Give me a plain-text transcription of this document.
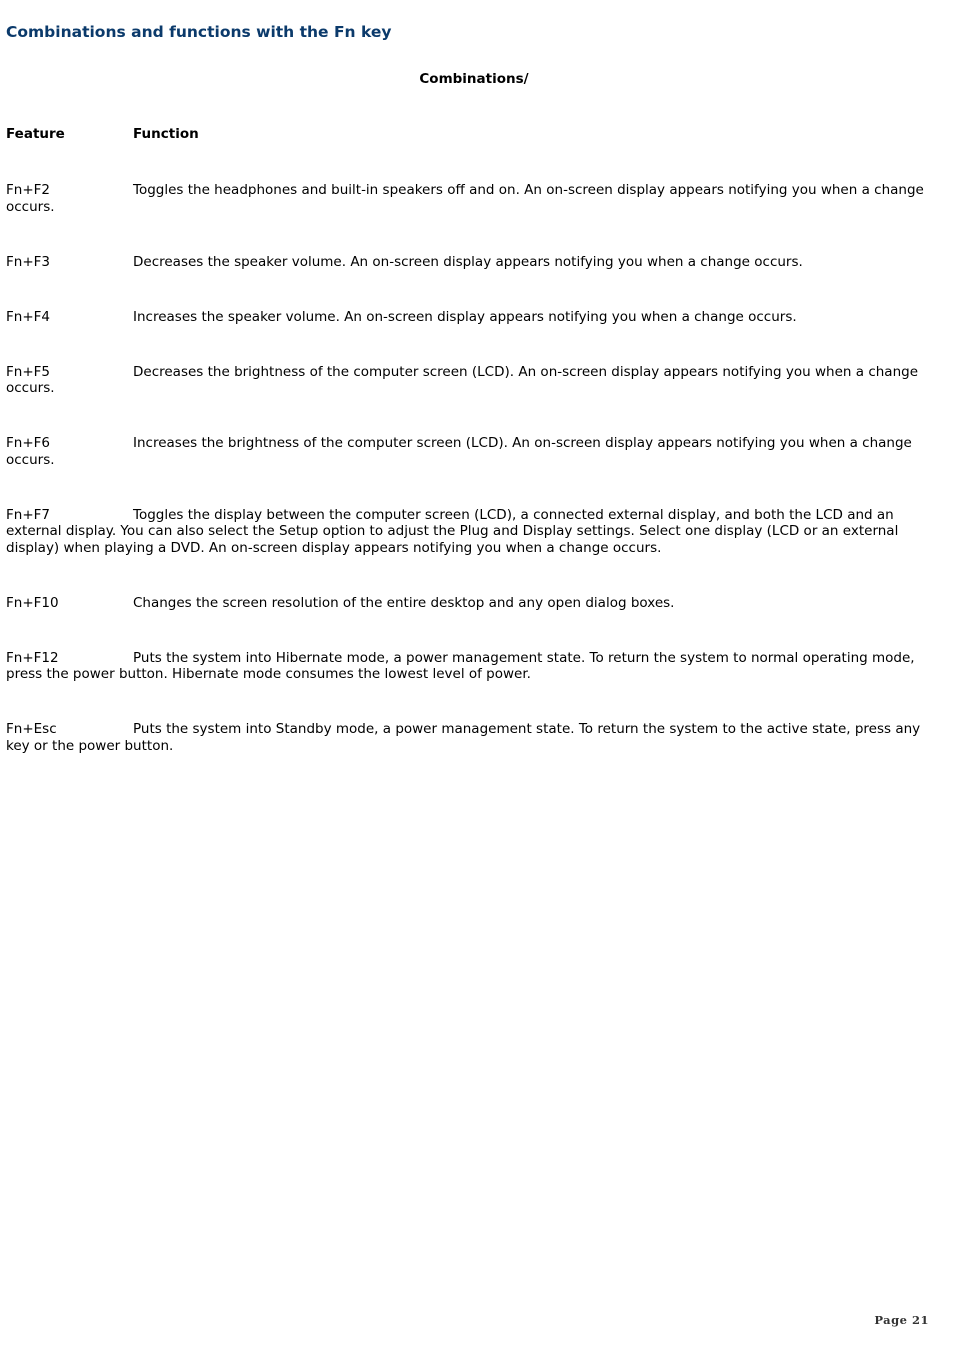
Combinations and functions with the Fn key
Combinations/
Feature	Function

Fn+F2	Toggles the headphones and built-in speakers off and on. An on-screen display appears notifying you when a change occurs.

Fn+F3	Decreases the speaker volume. An on-screen display appears notifying you when a change occurs.

Fn+F4	Increases the speaker volume. An on-screen display appears notifying you when a change occurs.

Fn+F5	Decreases the brightness of the computer screen (LCD). An on-screen display appears notifying you when a change occurs.

Fn+F6	Increases the brightness of the computer screen (LCD). An on-screen display appears notifying you when a change occurs.

Fn+F7	Toggles the display between the computer screen (LCD), a connected external display, and both the LCD and an external display. You can also select the Setup option to adjust the Plug and Display settings. Select one display (LCD or an external display) when playing a DVD. An on-screen display appears notifying you when a change occurs.

Fn+F10	Changes the screen resolution of the entire desktop and any open dialog boxes.

Fn+F12	Puts the system into Hibernate mode, a power management state. To return the system to normal operating mode, press the power button. Hibernate mode consumes the lowest level of power.

Fn+Esc	Puts the system into Standby mode, a power management state. To return the system to the active state, press any key or the power button.

Page 21
